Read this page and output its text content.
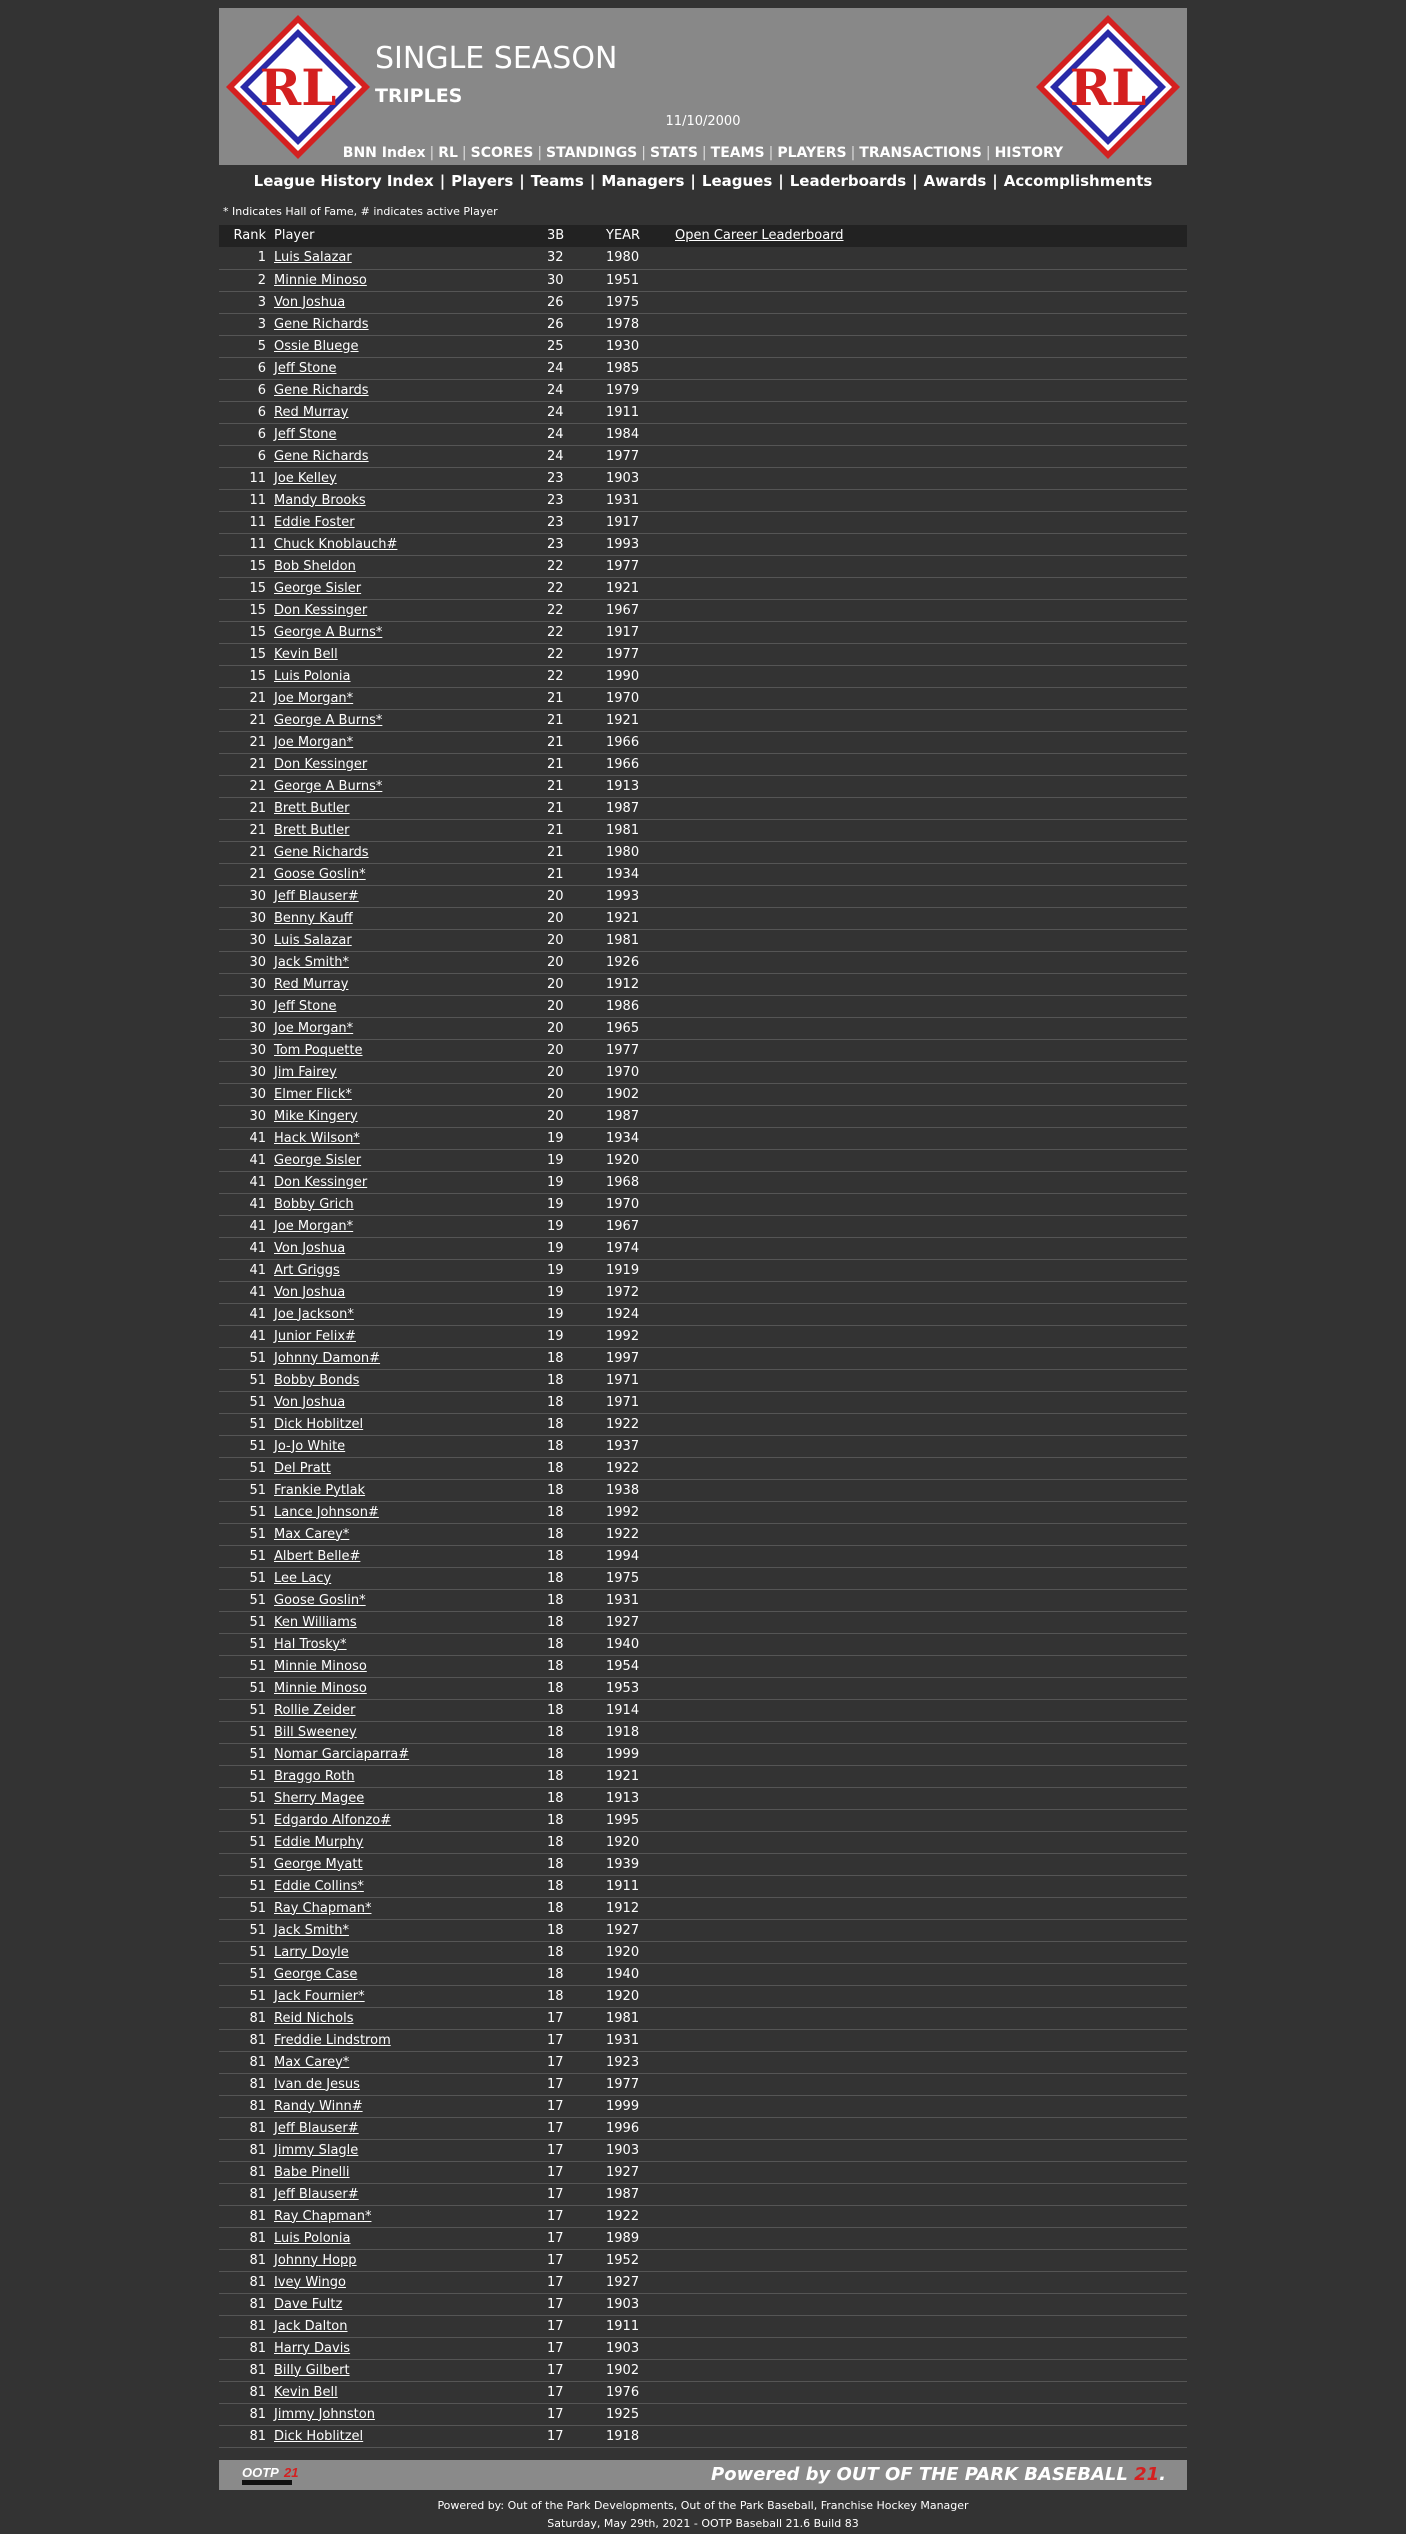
RL	RL
SINGLE SEASON
TRIPLES
11/10/2000
BNN Index | RL | SCORES | STANDINGS | STATS | TEAMS | PLAYERS | TRANSACTIONS | HISTORY
League History Index | Players | Teams | Managers | Leagues | Leaderboards | Awards | Accomplishments
* Indicates Hall of Fame, # indicates active Player
Rank	Player	3B	YEAR	Open Career Leaderboard
1	Luis Salazar	32	1980	
2	Minnie Minoso	30	1951	
3	Von Joshua	26	1975	
3	Gene Richards	26	1978	
5	Ossie Bluege	25	1930	
6	Jeff Stone	24	1985	
6	Gene Richards	24	1979	
6	Red Murray	24	1911	
6	Jeff Stone	24	1984	
6	Gene Richards	24	1977	
11	Joe Kelley	23	1903	
11	Mandy Brooks	23	1931	
11	Eddie Foster	23	1917	
11	Chuck Knoblauch#	23	1993	
15	Bob Sheldon	22	1977	
15	George Sisler	22	1921	
15	Don Kessinger	22	1967	
15	George A Burns*	22	1917	
15	Kevin Bell	22	1977	
15	Luis Polonia	22	1990	
21	Joe Morgan*	21	1970	
21	George A Burns*	21	1921	
21	Joe Morgan*	21	1966	
21	Don Kessinger	21	1966	
21	George A Burns*	21	1913	
21	Brett Butler	21	1987	
21	Brett Butler	21	1981	
21	Gene Richards	21	1980	
21	Goose Goslin*	21	1934	
30	Jeff Blauser#	20	1993	
30	Benny Kauff	20	1921	
30	Luis Salazar	20	1981	
30	Jack Smith*	20	1926	
30	Red Murray	20	1912	
30	Jeff Stone	20	1986	
30	Joe Morgan*	20	1965	
30	Tom Poquette	20	1977	
30	Jim Fairey	20	1970	
30	Elmer Flick*	20	1902	
30	Mike Kingery	20	1987	
41	Hack Wilson*	19	1934	
41	George Sisler	19	1920	
41	Don Kessinger	19	1968	
41	Bobby Grich	19	1970	
41	Joe Morgan*	19	1967	
41	Von Joshua	19	1974	
41	Art Griggs	19	1919	
41	Von Joshua	19	1972	
41	Joe Jackson*	19	1924	
41	Junior Felix#	19	1992	
51	Johnny Damon#	18	1997	
51	Bobby Bonds	18	1971	
51	Von Joshua	18	1971	
51	Dick Hoblitzel	18	1922	
51	Jo-Jo White	18	1937	
51	Del Pratt	18	1922	
51	Frankie Pytlak	18	1938	
51	Lance Johnson#	18	1992	
51	Max Carey*	18	1922	
51	Albert Belle#	18	1994	
51	Lee Lacy	18	1975	
51	Goose Goslin*	18	1931	
51	Ken Williams	18	1927	
51	Hal Trosky*	18	1940	
51	Minnie Minoso	18	1954	
51	Minnie Minoso	18	1953	
51	Rollie Zeider	18	1914	
51	Bill Sweeney	18	1918	
51	Nomar Garciaparra#	18	1999	
51	Braggo Roth	18	1921	
51	Sherry Magee	18	1913	
51	Edgardo Alfonzo#	18	1995	
51	Eddie Murphy	18	1920	
51	George Myatt	18	1939	
51	Eddie Collins*	18	1911	
51	Ray Chapman*	18	1912	
51	Jack Smith*	18	1927	
51	Larry Doyle	18	1920	
51	George Case	18	1940	
51	Jack Fournier*	18	1920	
81	Reid Nichols	17	1981	
81	Freddie Lindstrom	17	1931	
81	Max Carey*	17	1923	
81	Ivan de Jesus	17	1977	
81	Randy Winn#	17	1999	
81	Jeff Blauser#	17	1996	
81	Jimmy Slagle	17	1903	
81	Babe Pinelli	17	1927	
81	Jeff Blauser#	17	1987	
81	Ray Chapman*	17	1922	
81	Luis Polonia	17	1989	
81	Johnny Hopp	17	1952	
81	Ivey Wingo	17	1927	
81	Dave Fultz	17	1903	
81	Jack Dalton	17	1911	
81	Harry Davis	17	1903	
81	Billy Gilbert	17	1902	
81	Kevin Bell	17	1976	
81	Jimmy Johnston	17	1925	
81	Dick Hoblitzel	17	1918	
OOTP 21	Powered by OUT OF THE PARK BASEBALL 21.
Powered by: Out of the Park Developments, Out of the Park Baseball, Franchise Hockey Manager
Saturday, May 29th, 2021 - OOTP Baseball 21.6 Build 83
